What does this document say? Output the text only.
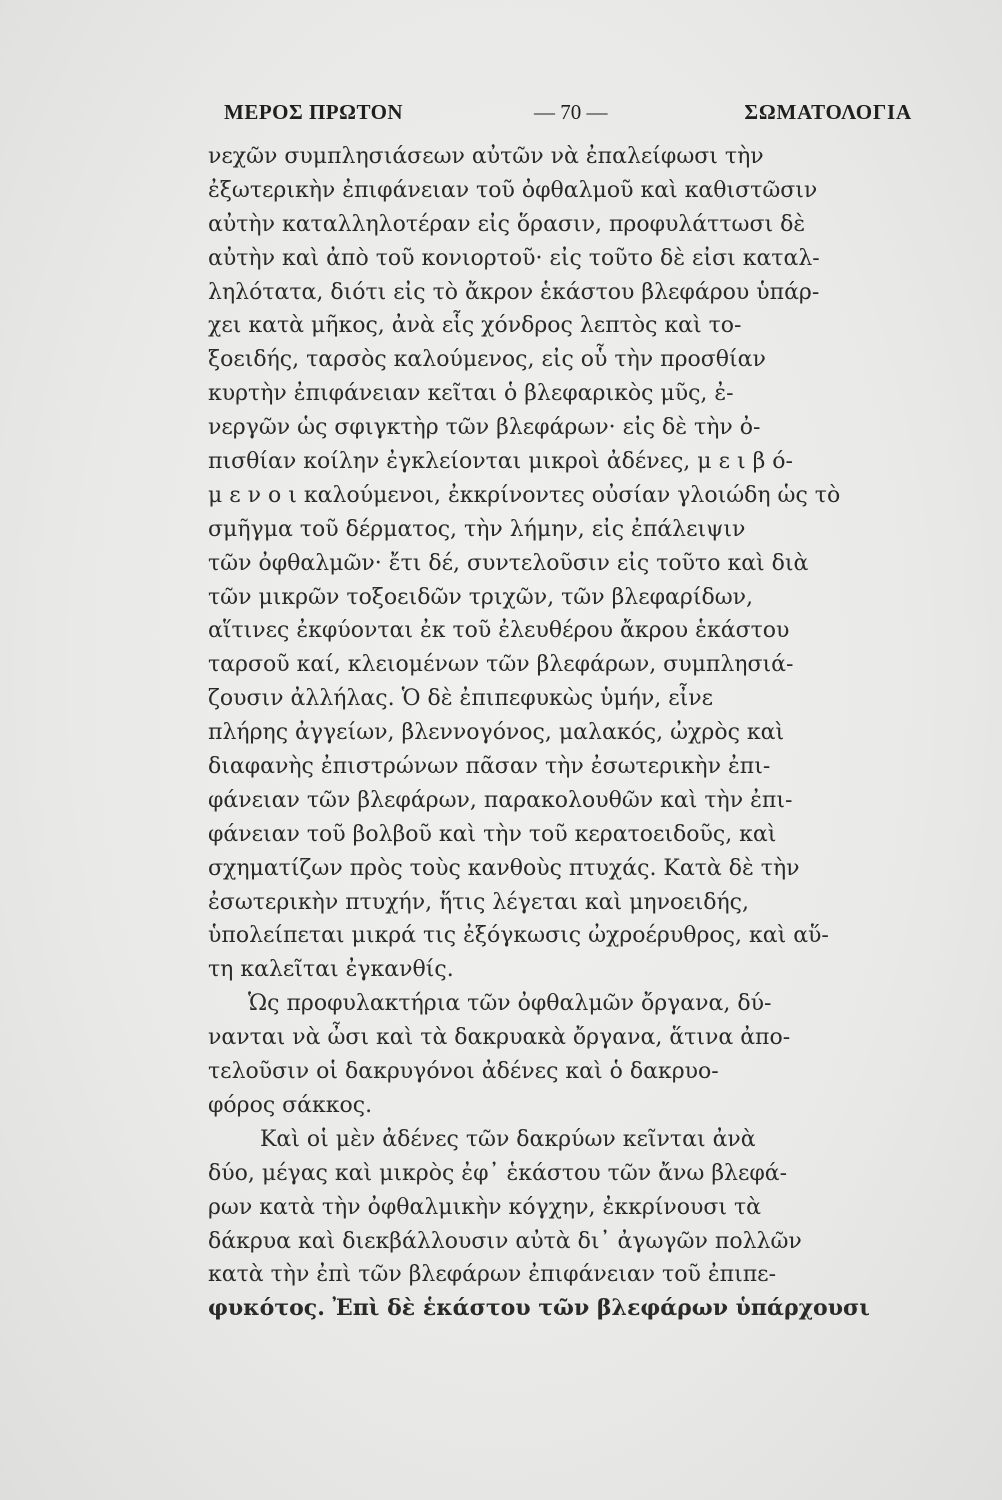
ΜΕΡΟΣ ΠΡΩΤΟΝ	— 70 —	ΣΩΜΑΤΟΛΟΓΙΑ
νεχῶν συμπλησιάσεων αὐτῶν νὰ ἐπαλείφωσι τὴν
ἐξωτερικὴν ἐπιφάνειαν τοῦ ὀφθαλμοῦ καὶ καθιστῶσιν
αὐτὴν καταλληλοτέραν εἰς ὅρασιν, προφυλάττωσι δὲ
αὐτὴν καὶ ἀπὸ τοῦ κονιορτοῦ· εἰς τοῦτο δὲ εἰσι καταλ-
ληλότατα, διότι εἰς τὸ ἄκρον ἑκάστου βλεφάρου ὑπάρ-
χει κατὰ μῆκος, ἀνὰ εἷς χόνδρος λεπτὸς καὶ το-
ξοειδής, ταρσὸς καλούμενος, εἰς οὗ τὴν προσθίαν
κυρτὴν ἐπιφάνειαν κεῖται ὁ βλεφαρικὸς μῦς, ἐ-
νεργῶν ὡς σφιγκτὴρ τῶν βλεφάρων· εἰς δὲ τὴν ὀ-
πισθίαν κοίλην ἐγκλείονται μικροὶ ἀδένες, μ ε ι β ό-
μ ε ν ο ι καλούμενοι, ἐκκρίνοντες οὐσίαν γλοιώδη ὡς τὸ
σμῆγμα τοῦ δέρματος, τὴν λήμην, εἰς ἐπάλειψιν
τῶν ὀφθαλμῶν· ἔτι δέ, συντελοῦσιν εἰς τοῦτο καὶ διὰ
τῶν μικρῶν τοξοειδῶν τριχῶν, τῶν βλεφαρίδων,
αἵτινες ἐκφύονται ἐκ τοῦ ἐλευθέρου ἄκρου ἑκάστου
ταρσοῦ καί, κλειομένων τῶν βλεφάρων, συμπλησιά-
ζουσιν ἀλλήλας. Ὁ δὲ ἐπιπεφυκὼς ὑμήν, εἶνε
πλήρης ἀγγείων, βλεννογόνος, μαλακός, ὠχρὸς καὶ
διαφανὴς ἐπιστρώνων πᾶσαν τὴν ἐσωτερικὴν ἐπι-
φάνειαν τῶν βλεφάρων, παρακολουθῶν καὶ τὴν ἐπι-
φάνειαν τοῦ βολβοῦ καὶ τὴν τοῦ κερατοειδοῦς, καὶ
σχηματίζων πρὸς τοὺς κανθοὺς πτυχάς. Κατὰ δὲ τὴν
ἐσωτερικὴν πτυχήν, ἥτις λέγεται καὶ μηνοειδής,
ὑπολείπεται μικρά τις ἐξόγκωσις ὠχροέρυθρος, καὶ αὕ-
τη καλεῖται ἐγκανθίς.
Ὡς προφυλακτήρια τῶν ὀφθαλμῶν ὄργανα, δύ-
νανται νὰ ὦσι καὶ τὰ δακρυακὰ ὄργανα, ἅτινα ἀπο-
τελοῦσιν οἱ δακρυγόνοι ἀδένες καὶ ὁ δακρυο-
φόρος σάκκος.
Καὶ οἱ μὲν ἀδένες τῶν δακρύων κεῖνται ἀνὰ
δύο, μέγας καὶ μικρὸς ἐφ᾽ ἑκάστου τῶν ἄνω βλεφά-
ρων κατὰ τὴν ὀφθαλμικὴν κόγχην, ἐκκρίνουσι τὰ
δάκρυα καὶ διεκβάλλουσιν αὐτὰ δι᾽ ἀγωγῶν πολλῶν
κατὰ τὴν ἐπὶ τῶν βλεφάρων ἐπιφάνειαν τοῦ ἐπιπε-
φυκότος. Ἐπὶ δὲ ἑκάστου τῶν βλεφάρων ὑπάρχουσι
